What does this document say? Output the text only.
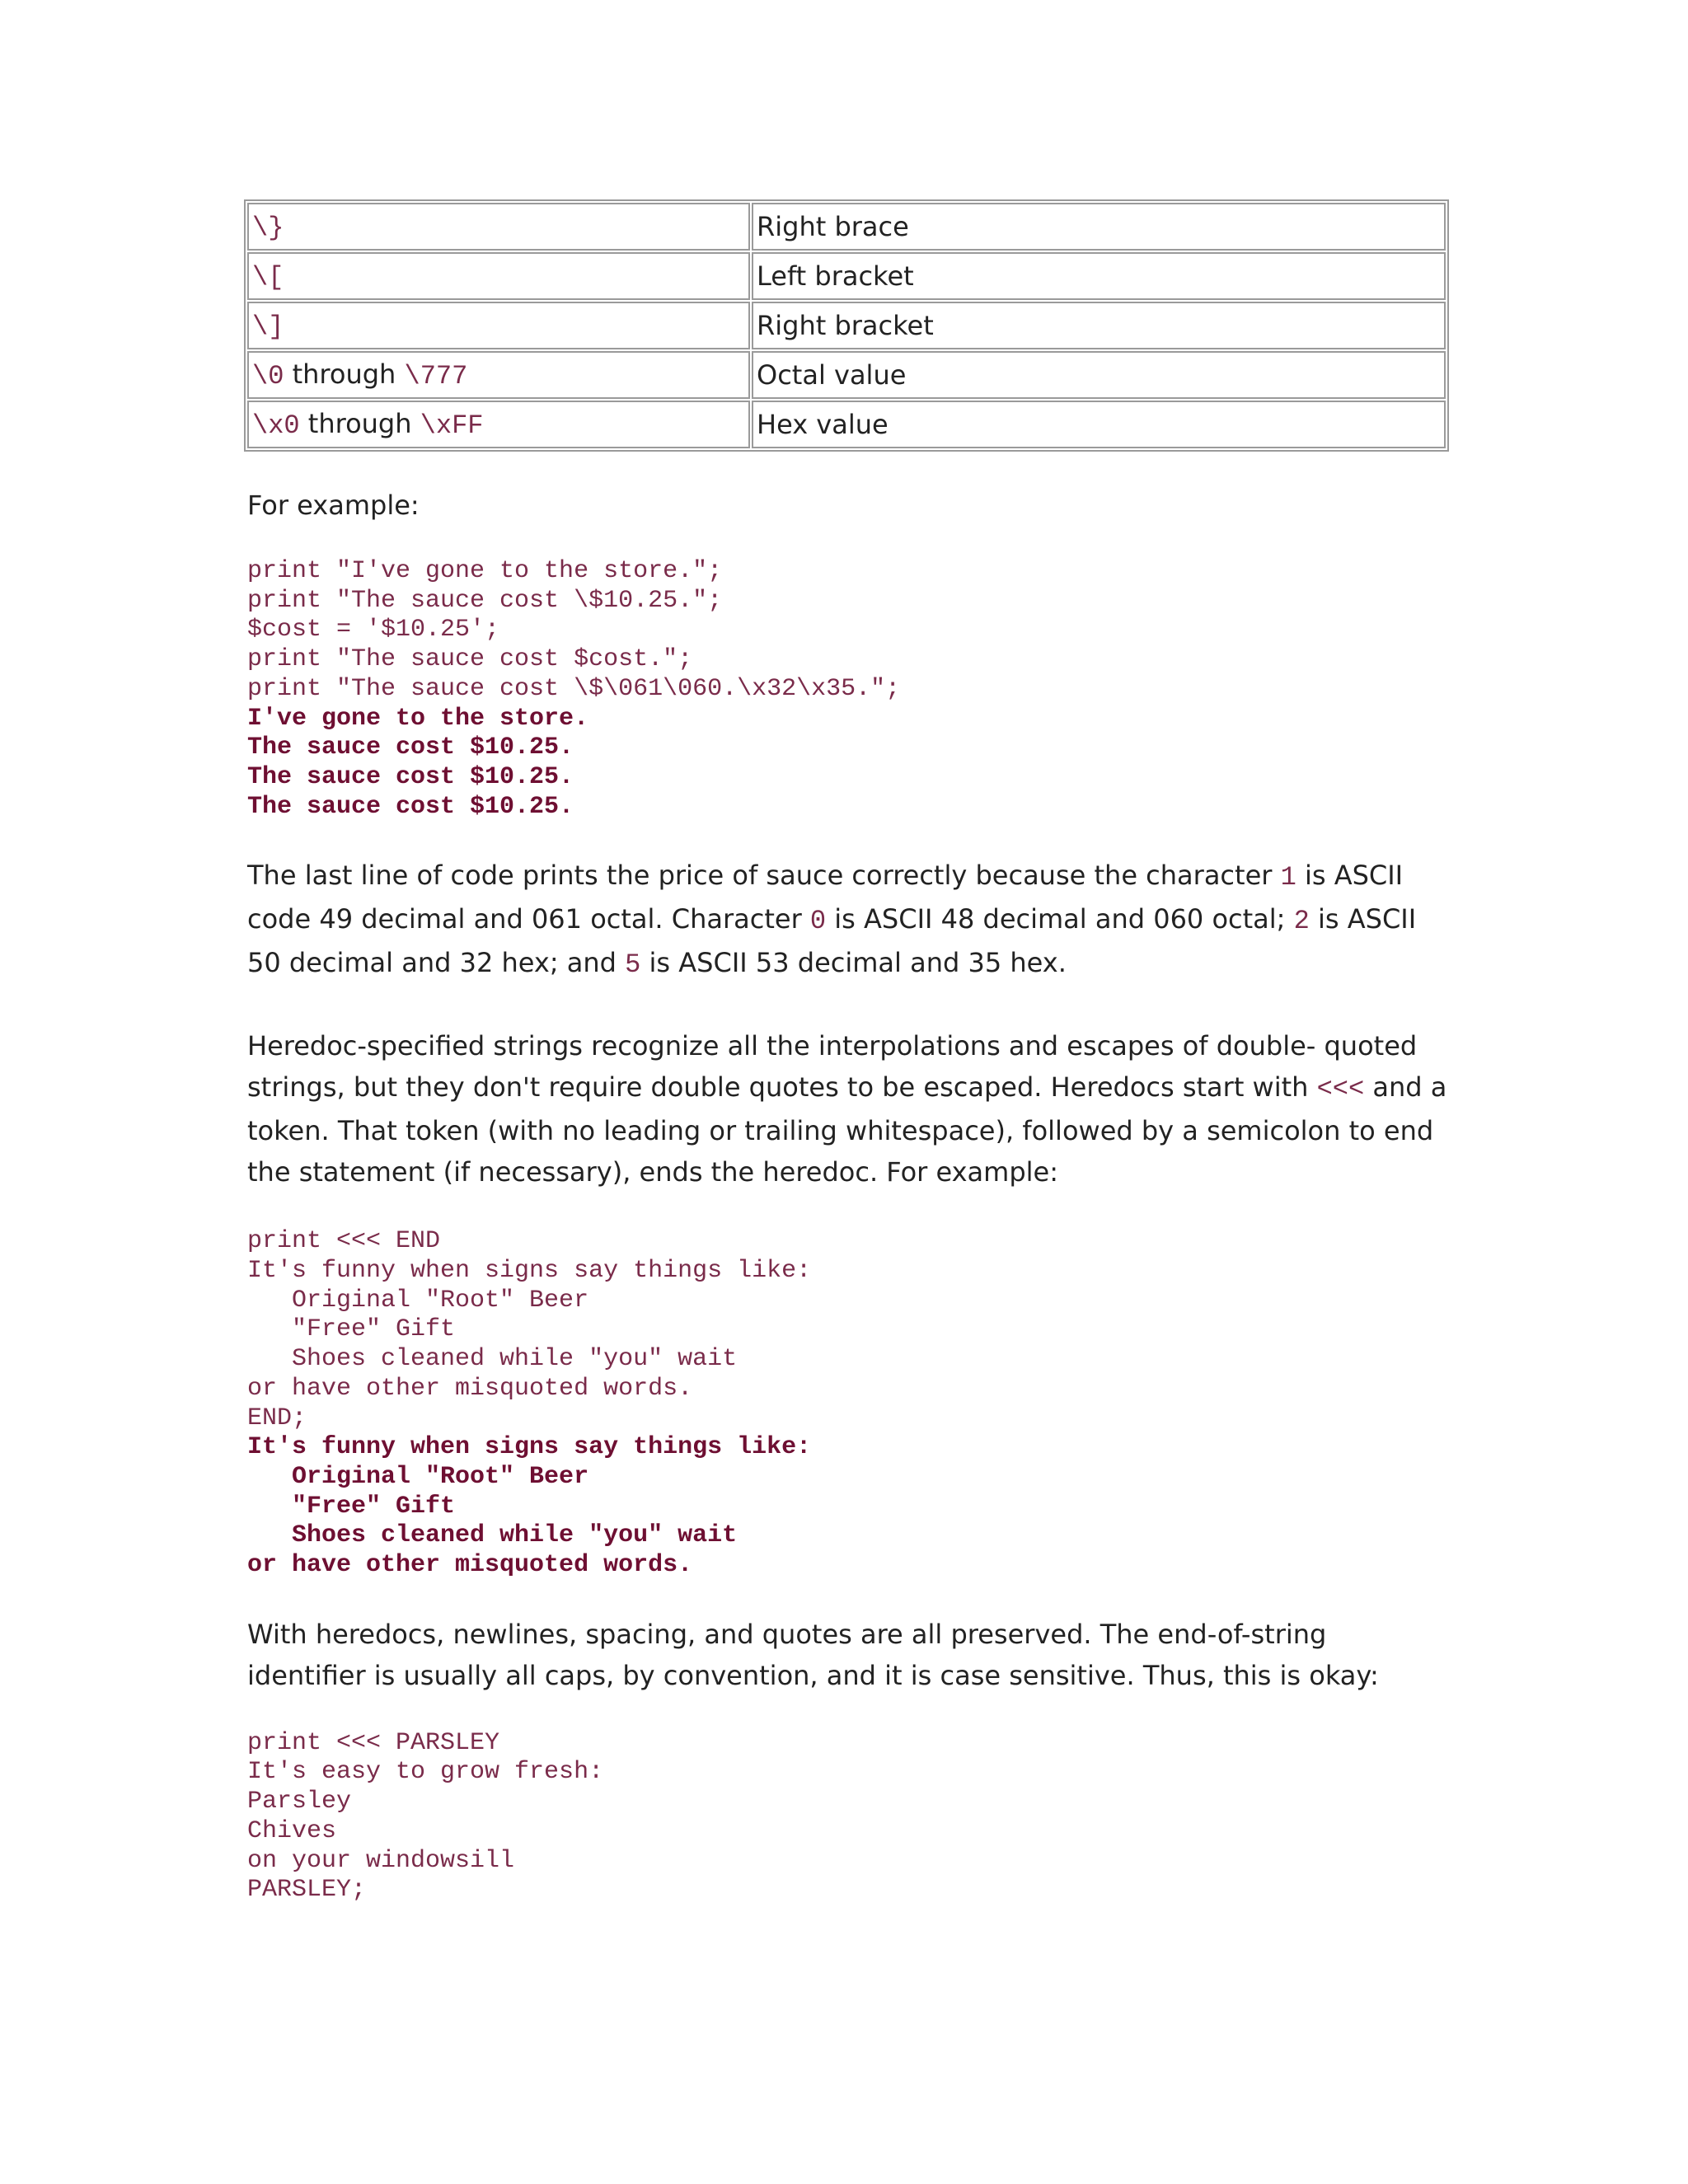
\}	Right brace
\[	Left bracket
\]	Right bracket
\0 through \777	Octal value
\x0 through \xFF	Hex value

For example:

print "I've gone to the store.";
print "The sauce cost \$10.25.";
$cost = '$10.25';
print "The sauce cost $cost.";
print "The sauce cost \$\061\060.\x32\x35.";
I've gone to the store.
The sauce cost $10.25.
The sauce cost $10.25.
The sauce cost $10.25.

The last line of code prints the price of sauce correctly because the character 1 is ASCII code 49 decimal and 061 octal. Character 0 is ASCII 48 decimal and 060 octal; 2 is ASCII 50 decimal and 32 hex; and 5 is ASCII 53 decimal and 35 hex.

Heredoc-specified strings recognize all the interpolations and escapes of double- quoted strings, but they don't require double quotes to be escaped. Heredocs start with <<< and a token. That token (with no leading or trailing whitespace), followed by a semicolon to end the statement (if necessary), ends the heredoc. For example:

print <<< END
It's funny when signs say things like:
Original "Root" Beer
"Free" Gift
Shoes cleaned while "you" wait
or have other misquoted words.
END;
It's funny when signs say things like:
Original "Root" Beer
"Free" Gift
Shoes cleaned while "you" wait
or have other misquoted words.

With heredocs, newlines, spacing, and quotes are all preserved. The end-of-string identifier is usually all caps, by convention, and it is case sensitive. Thus, this is okay:

print <<< PARSLEY
It's easy to grow fresh:
Parsley
Chives
on your windowsill
PARSLEY;
